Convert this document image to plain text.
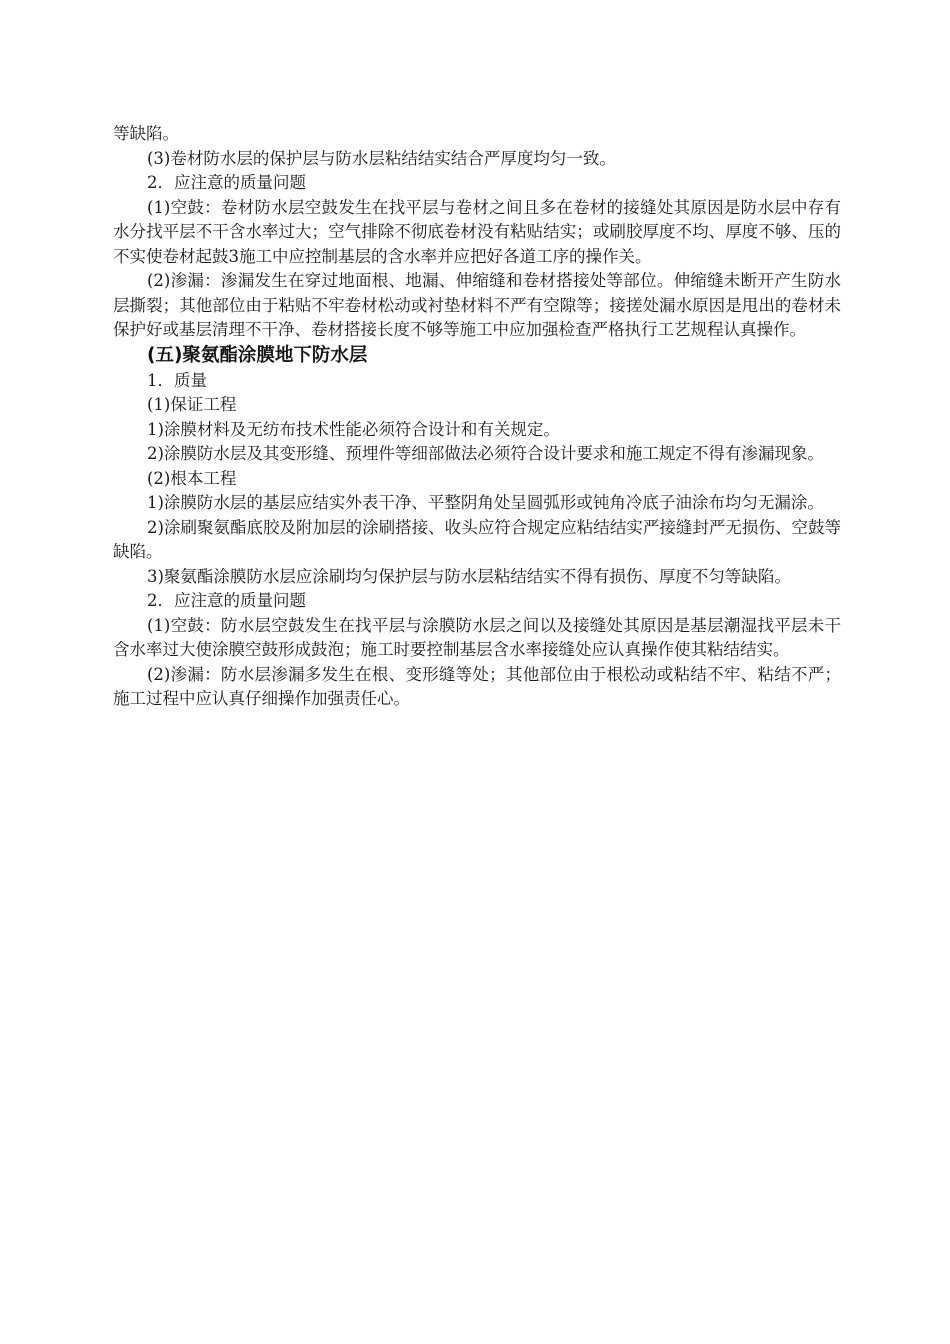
等缺陷。

(3)卷材防水层的保护层与防水层粘结结实结合严厚度均匀一致。

2．应注意的质量问题

(1)空鼓：卷材防水层空鼓发生在找平层与卷材之间且多在卷材的接缝处其原因是防水层中存有水分找平层不干含水率过大；空气排除不彻底卷材没有粘贴结实；或刷胶厚度不均、厚度不够、压的不实使卷材起鼓3施工中应控制基层的含水率并应把好各道工序的操作关。

(2)渗漏：渗漏发生在穿过地面根、地漏、伸缩缝和卷材搭接处等部位。伸缩缝未断开产生防水层撕裂；其他部位由于粘贴不牢卷材松动或衬垫材料不严有空隙等；接搓处漏水原因是甩出的卷材未保护好或基层清理不干净、卷材搭接长度不够等施工中应加强检查严格执行工艺规程认真操作。

(五)聚氨酯涂膜地下防水层

1．质量

(1)保证工程

1)涂膜材料及无纺布技术性能必须符合设计和有关规定。

2)涂膜防水层及其变形缝、预埋件等细部做法必须符合设计要求和施工规定不得有渗漏现象。

(2)根本工程

1)涂膜防水层的基层应结实外表干净、平整阴角处呈圆弧形或钝角冷底子油涂布均匀无漏涂。

2)涂刷聚氨酯底胶及附加层的涂刷搭接、收头应符合规定应粘结结实严接缝封严无损伤、空鼓等缺陷。

3)聚氨酯涂膜防水层应涂刷均匀保护层与防水层粘结结实不得有损伤、厚度不匀等缺陷。

2．应注意的质量问题

(1)空鼓：防水层空鼓发生在找平层与涂膜防水层之间以及接缝处其原因是基层潮湿找平层未干含水率过大使涂膜空鼓形成鼓泡；施工时要控制基层含水率接缝处应认真操作使其粘结结实。

(2)渗漏：防水层渗漏多发生在根、变形缝等处；其他部位由于根松动或粘结不牢、粘结不严；施工过程中应认真仔细操作加强责任心。
